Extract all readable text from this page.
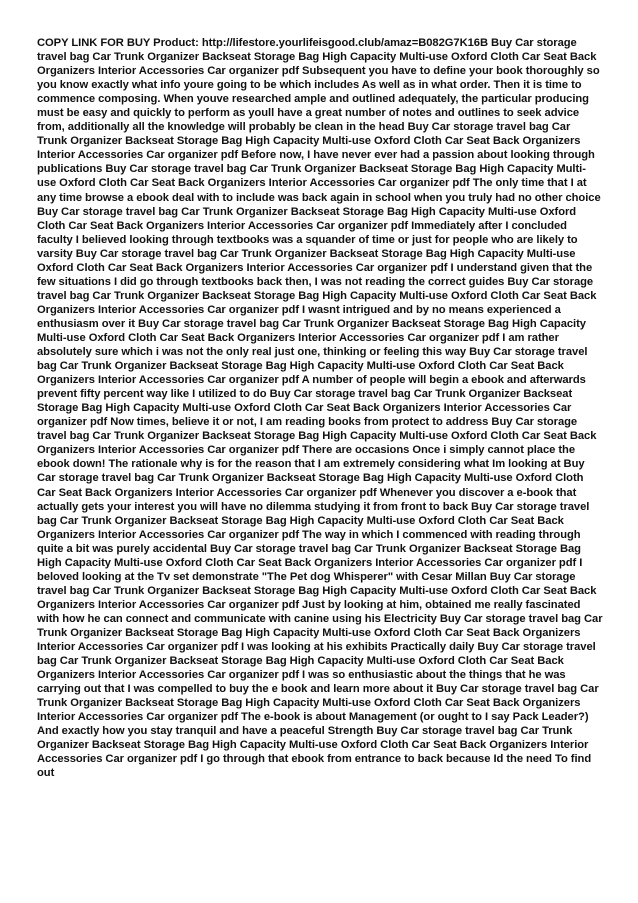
COPY LINK FOR BUY Product: http://lifestore.yourlifeisgood.club/amaz=B082G7K16B Buy Car storage travel bag Car Trunk Organizer Backseat Storage Bag High Capacity Multi-use Oxford Cloth Car Seat Back Organizers Interior Accessories Car organizer pdf Subsequent you have to define your book thoroughly so you know exactly what info youre going to be which includes As well as in what order. Then it is time to commence composing. When youve researched ample and outlined adequately, the particular producing must be easy and quickly to perform as youll have a great number of notes and outlines to seek advice from, additionally all the knowledge will probably be clean in the head Buy Car storage travel bag Car Trunk Organizer Backseat Storage Bag High Capacity Multi-use Oxford Cloth Car Seat Back Organizers Interior Accessories Car organizer pdf Before now, I have never ever had a passion about looking through publications Buy Car storage travel bag Car Trunk Organizer Backseat Storage Bag High Capacity Multi-use Oxford Cloth Car Seat Back Organizers Interior Accessories Car organizer pdf The only time that I at any time browse a ebook deal with to include was back again in school when you truly had no other choice Buy Car storage travel bag Car Trunk Organizer Backseat Storage Bag High Capacity Multi-use Oxford Cloth Car Seat Back Organizers Interior Accessories Car organizer pdf Immediately after I concluded faculty I believed looking through textbooks was a squander of time or just for people who are likely to varsity Buy Car storage travel bag Car Trunk Organizer Backseat Storage Bag High Capacity Multi-use Oxford Cloth Car Seat Back Organizers Interior Accessories Car organizer pdf I understand given that the few situations I did go through textbooks back then, I was not reading the correct guides Buy Car storage travel bag Car Trunk Organizer Backseat Storage Bag High Capacity Multi-use Oxford Cloth Car Seat Back Organizers Interior Accessories Car organizer pdf I wasnt intrigued and by no means experienced a enthusiasm over it Buy Car storage travel bag Car Trunk Organizer Backseat Storage Bag High Capacity Multi-use Oxford Cloth Car Seat Back Organizers Interior Accessories Car organizer pdf I am rather absolutely sure which i was not the only real just one, thinking or feeling this way Buy Car storage travel bag Car Trunk Organizer Backseat Storage Bag High Capacity Multi-use Oxford Cloth Car Seat Back Organizers Interior Accessories Car organizer pdf A number of people will begin a ebook and afterwards prevent fifty percent way like I utilized to do Buy Car storage travel bag Car Trunk Organizer Backseat Storage Bag High Capacity Multi-use Oxford Cloth Car Seat Back Organizers Interior Accessories Car organizer pdf Now times, believe it or not, I am reading books from protect to address Buy Car storage travel bag Car Trunk Organizer Backseat Storage Bag High Capacity Multi-use Oxford Cloth Car Seat Back Organizers Interior Accessories Car organizer pdf There are occasions Once i simply cannot place the ebook down! The rationale why is for the reason that I am extremely considering what Im looking at Buy Car storage travel bag Car Trunk Organizer Backseat Storage Bag High Capacity Multi-use Oxford Cloth Car Seat Back Organizers Interior Accessories Car organizer pdf Whenever you discover a e-book that actually gets your interest you will have no dilemma studying it from front to back Buy Car storage travel bag Car Trunk Organizer Backseat Storage Bag High Capacity Multi-use Oxford Cloth Car Seat Back Organizers Interior Accessories Car organizer pdf The way in which I commenced with reading through quite a bit was purely accidental Buy Car storage travel bag Car Trunk Organizer Backseat Storage Bag High Capacity Multi-use Oxford Cloth Car Seat Back Organizers Interior Accessories Car organizer pdf I beloved looking at the Tv set demonstrate "The Pet dog Whisperer" with Cesar Millan Buy Car storage travel bag Car Trunk Organizer Backseat Storage Bag High Capacity Multi-use Oxford Cloth Car Seat Back Organizers Interior Accessories Car organizer pdf Just by looking at him, obtained me really fascinated with how he can connect and communicate with canine using his Electricity Buy Car storage travel bag Car Trunk Organizer Backseat Storage Bag High Capacity Multi-use Oxford Cloth Car Seat Back Organizers Interior Accessories Car organizer pdf I was looking at his exhibits Practically daily Buy Car storage travel bag Car Trunk Organizer Backseat Storage Bag High Capacity Multi-use Oxford Cloth Car Seat Back Organizers Interior Accessories Car organizer pdf I was so enthusiastic about the things that he was carrying out that I was compelled to buy the e book and learn more about it Buy Car storage travel bag Car Trunk Organizer Backseat Storage Bag High Capacity Multi-use Oxford Cloth Car Seat Back Organizers Interior Accessories Car organizer pdf The e-book is about Management (or ought to I say Pack Leader?) And exactly how you stay tranquil and have a peaceful Strength Buy Car storage travel bag Car Trunk Organizer Backseat Storage Bag High Capacity Multi-use Oxford Cloth Car Seat Back Organizers Interior Accessories Car organizer pdf I go through that ebook from entrance to back because Id the need To find out
